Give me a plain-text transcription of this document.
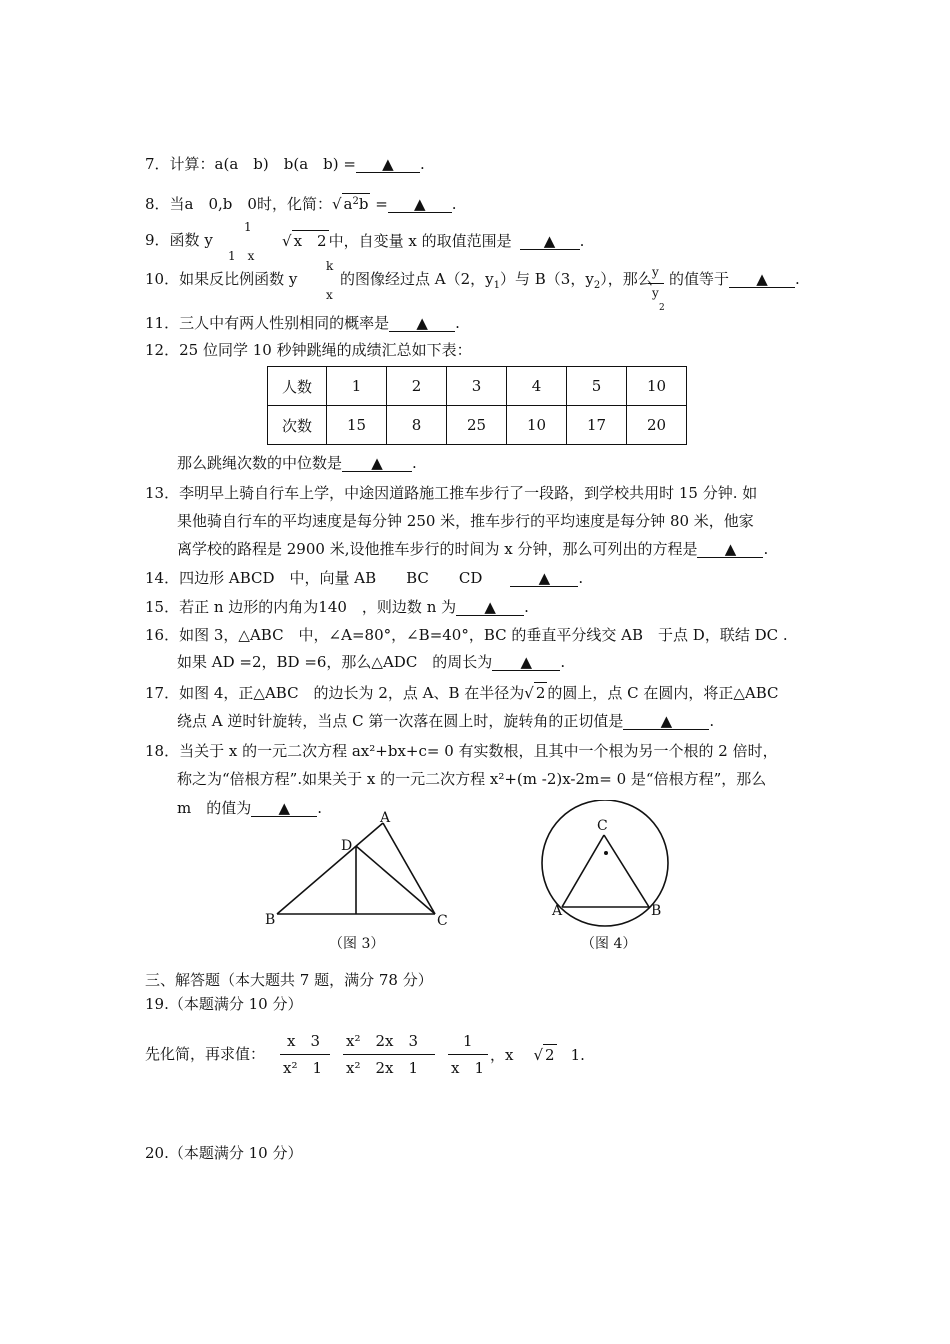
7．计算：a(a　b)　b(a　b) = ▲ .
8．当a　0,b　0时，化简：√ $a^2b$ = ▲ .
9．函数 y
1
1　x
√ x　2 中，自变量 x 的取值范围是 ▲ .
10．如果反比例函数 y
k
x
的图像经过点 A（2，$y_1$）与 B（3，$y_2$），那么 y
y
2
的值等于 ▲ .
11．三人中有两人性别相同的概率是 ▲ .
12．25 位同学 10 秒钟跳绳的成绩汇总如下表：
人数	1	2	3	4	5	10
次数	15	8	25	10	17	20
那么跳绳次数的中位数是 ▲ .
13．李明早上骑自行车上学，中途因道路施工推车步行了一段路，到学校共用时 15 分钟. 如
果他骑自行车的平均速度是每分钟 250 米，推车步行的平均速度是每分钟 80 米，他家
离学校的路程是 2900 米,设他推车步行的时间为 x 分钟，那么可列出的方程是 ▲ .
14．四边形 ABCD　中，向量 AB　　BC　　CD	▲ .
15．若正 n 边形的内角为140　，则边数 n 为 ▲ .
16．如图 3，△ABC　中，∠A=80°，∠B=40°，BC 的垂直平分线交 AB　于点 D，联结 DC .
如果 AD =2，BD =6，那么△ADC　的周长为 ▲ .
17．如图 4，正△ABC　的边长为 2，点 A、B 在半径为√ 2 的圆上，点 C 在圆内，将正△ABC
绕点 A 逆时针旋转，当点 C 第一次落在圆上时，旋转角的正切值是 ▲ .
18．当关于 x 的一元二次方程 ax²+bx+c= 0 有实数根，且其中一个根为另一个根的 2 倍时，
称之为“倍根方程”.如果关于 x 的一元二次方程 x²+(m -2)x-2m= 0 是“倍根方程”，那么
m　的值为 ▲ .
A
D
B	C
（图 3）
C
A	B
（图 4）
三、解答题（本大题共 7 题，满分 78 分）
19.（本题满分 10 分）
先化简，再求值：
x　3
x²　1
x²　2x　3
x²　2x　1
1
x　1
，x √ 2 1.
20.（本题满分 10 分）
